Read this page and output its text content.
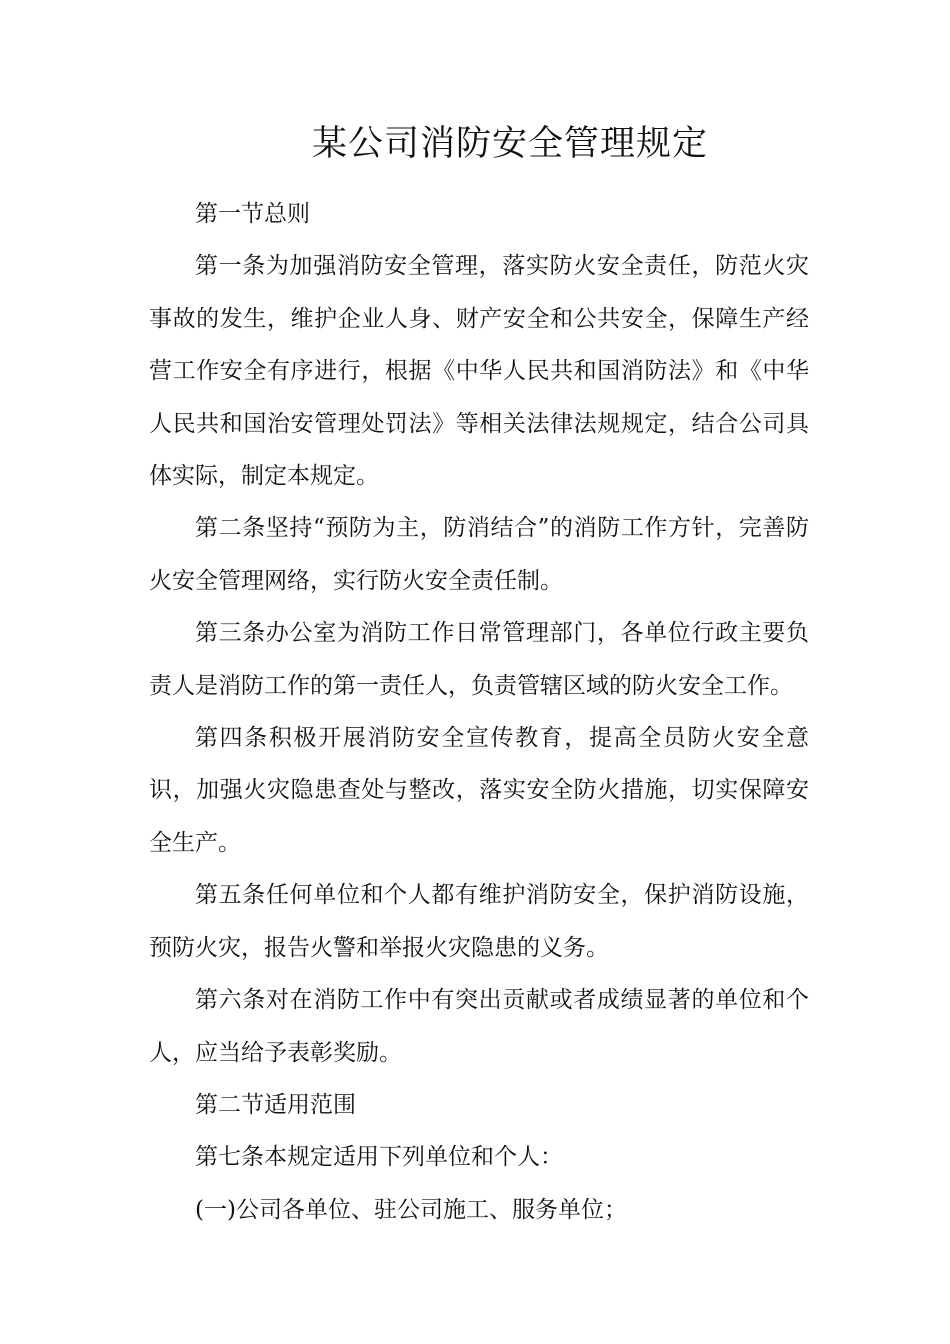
某公司消防安全管理规定

第一节总则

第一条为加强消防安全管理，落实防火安全责任，防范火灾事故的发生，维护企业人身、财产安全和公共安全，保障生产经营工作安全有序进行，根据《中华人民共和国消防法》和《中华人民共和国治安管理处罚法》等相关法律法规规定，结合公司具体实际，制定本规定。

第二条坚持“预防为主，防消结合”的消防工作方针，完善防火安全管理网络，实行防火安全责任制。

第三条办公室为消防工作日常管理部门，各单位行政主要负责人是消防工作的第一责任人，负责管辖区域的防火安全工作。

第四条积极开展消防安全宣传教育，提高全员防火安全意识，加强火灾隐患查处与整改，落实安全防火措施，切实保障安全生产。

第五条任何单位和个人都有维护消防安全，保护消防设施，预防火灾，报告火警和举报火灾隐患的义务。

第六条对在消防工作中有突出贡献或者成绩显著的单位和个人，应当给予表彰奖励。

第二节适用范围

第七条本规定适用下列单位和个人：

(一)公司各单位、驻公司施工、服务单位；
